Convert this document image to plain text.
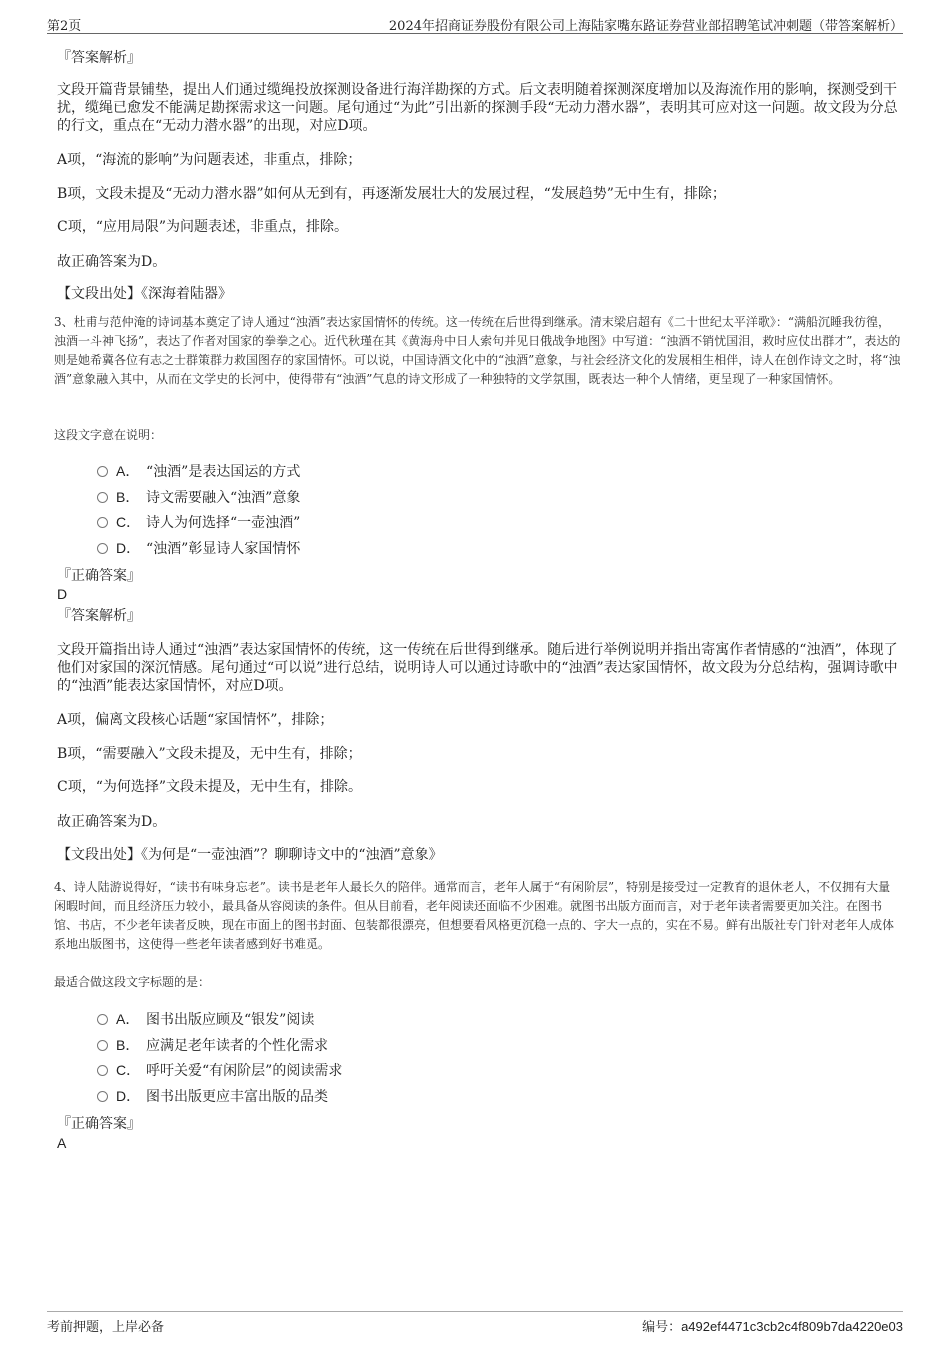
第2页	2024年招商证券股份有限公司上海陆家嘴东路证券营业部招聘笔试冲刺题（带答案解析）
『答案解析』
文段开篇背景铺垫，提出人们通过缆绳投放探测设备进行海洋勘探的方式。后文表明随着探测深度增加以及海流作用的影响，探测受到干扰，缆绳已愈发不能满足勘探需求这一问题。尾句通过“为此”引出新的探测手段“无动力潜水器”，表明其可应对这一问题。故文段为分总的行文，重点在“无动力潜水器”的出现，对应D项。
A项，“海流的影响”为问题表述，非重点，排除；
B项，文段未提及“无动力潜水器”如何从无到有，再逐渐发展壮大的发展过程，“发展趋势”无中生有，排除；
C项，“应用局限”为问题表述，非重点，排除。
故正确答案为D。
【文段出处】《深海着陆器》
3、杜甫与范仲淹的诗词基本奠定了诗人通过“浊酒”表达家国情怀的传统。这一传统在后世得到继承。清末梁启超有《二十世纪太平洋歌》：“满船沉睡我彷徨，浊酒一斗神飞扬”，表达了作者对国家的拳拳之心。近代秋瑾在其《黄海舟中日人索句并见日俄战争地图》中写道：“浊酒不销忧国泪，救时应仗出群才”，表达的则是她希冀各位有志之士群策群力救国图存的家国情怀。可以说，中国诗酒文化中的“浊酒”意象，与社会经济文化的发展相生相伴，诗人在创作诗文之时，将“浊酒”意象融入其中，从而在文学史的长河中，使得带有“浊酒”气息的诗文形成了一种独特的文学氛围，既表达一种个人情绪，更呈现了一种家国情怀。
这段文字意在说明：
A． “浊酒”是表达国运的方式
B． 诗文需要融入“浊酒”意象
C． 诗人为何选择“一壶浊酒”
D． “浊酒”彰显诗人家国情怀
『正确答案』
D
『答案解析』
文段开篇指出诗人通过“浊酒”表达家国情怀的传统，这一传统在后世得到继承。随后进行举例说明并指出寄寓作者情感的“浊酒”，体现了他们对家国的深沉情感。尾句通过“可以说”进行总结，说明诗人可以通过诗歌中的“浊酒”表达家国情怀，故文段为分总结构，强调诗歌中的“浊酒”能表达家国情怀，对应D项。
A项，偏离文段核心话题“家国情怀”，排除；
B项，“需要融入”文段未提及，无中生有，排除；
C项，“为何选择”文段未提及，无中生有，排除。
故正确答案为D。
【文段出处】《为何是“一壶浊酒”？聊聊诗文中的“浊酒”意象》
4、诗人陆游说得好，“读书有味身忘老”。读书是老年人最长久的陪伴。通常而言，老年人属于“有闲阶层”，特别是接受过一定教育的退休老人，不仅拥有大量闲暇时间，而且经济压力较小，最具备从容阅读的条件。但从目前看，老年阅读还面临不少困难。就图书出版方面而言，对于老年读者需要更加关注。在图书馆、书店，不少老年读者反映，现在市面上的图书封面、包装都很漂亮，但想要看风格更沉稳一点的、字大一点的，实在不易。鲜有出版社专门针对老年人成体系地出版图书，这使得一些老年读者感到好书难觅。
最适合做这段文字标题的是：
A． 图书出版应顾及“银发”阅读
B． 应满足老年读者的个性化需求
C． 呼吁关爱“有闲阶层”的阅读需求
D． 图书出版更应丰富出版的品类
『正确答案』
A
考前押题，上岸必备	编号：a492ef4471c3cb2c4f809b7da4220e03
